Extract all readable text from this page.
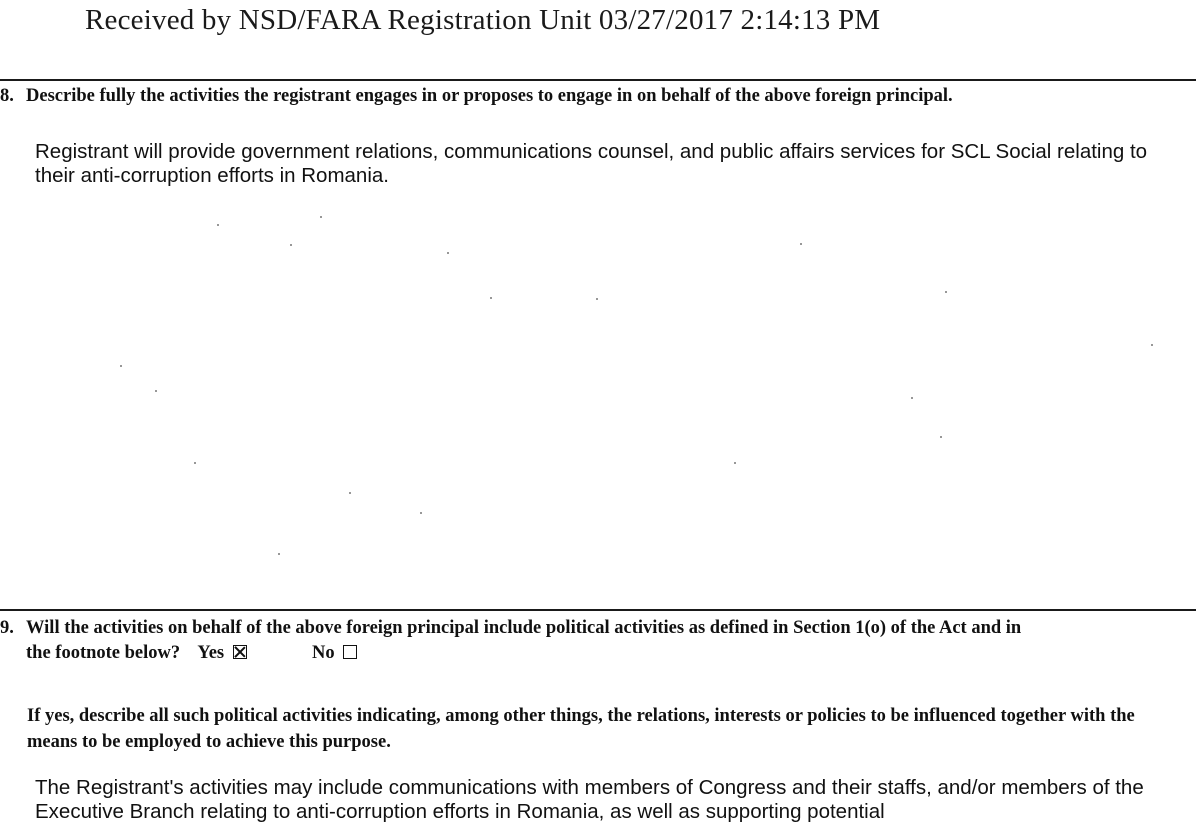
Received by NSD/FARA Registration Unit 03/27/2017 2:14:13 PM
8. Describe fully the activities the registrant engages in or proposes to engage in on behalf of the above foreign principal.
Registrant will provide government relations, communications counsel, and public affairs services for SCL Social relating to their anti-corruption efforts in Romania.
9. Will the activities on behalf of the above foreign principal include political activities as defined in Section 1(o) of the Act and in
the footnote below? Yes	No
If yes, describe all such political activities indicating, among other things, the relations, interests or policies to be influenced together with the means to be employed to achieve this purpose.
The Registrant's activities may include communications with members of Congress and their staffs, and/or members of the Executive Branch relating to anti-corruption efforts in Romania, as well as supporting potential
